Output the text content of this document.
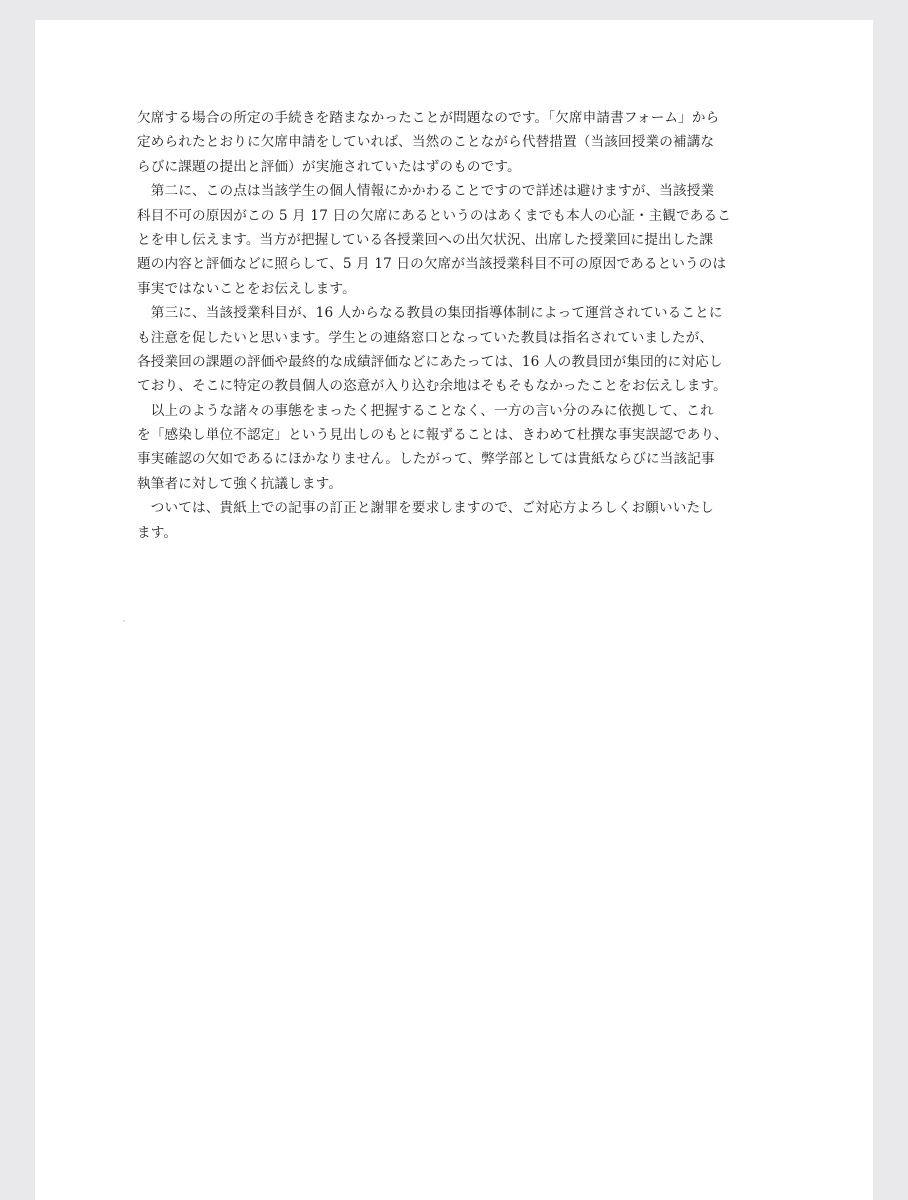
欠席する場合の所定の手続きを踏まなかったことが問題なのです。「欠席申請書フォーム」から
定められたとおりに欠席申請をしていれば、当然のことながら代替措置（当該回授業の補講な
らびに課題の提出と評価）が実施されていたはずのものです。
　第二に、この点は当該学生の個人情報にかかわることですので詳述は避けますが、当該授業
科目不可の原因がこの 5 月 17 日の欠席にあるというのはあくまでも本人の心証・主観であるこ
とを申し伝えます。当方が把握している各授業回への出欠状況、出席した授業回に提出した課
題の内容と評価などに照らして、5 月 17 日の欠席が当該授業科目不可の原因であるというのは
事実ではないことをお伝えします。
　第三に、当該授業科目が、16 人からなる教員の集団指導体制によって運営されていることに
も注意を促したいと思います。学生との連絡窓口となっていた教員は指名されていましたが、
各授業回の課題の評価や最終的な成績評価などにあたっては、16 人の教員団が集団的に対応し
ており、そこに特定の教員個人の恣意が入り込む余地はそもそもなかったことをお伝えします。
　以上のような諸々の事態をまったく把握することなく、一方の言い分のみに依拠して、これ
を「感染し単位不認定」という見出しのもとに報ずることは、きわめて杜撰な事実誤認であり、
事実確認の欠如であるにほかなりません。したがって、弊学部としては貴紙ならびに当該記事
執筆者に対して強く抗議します。
　ついては、貴紙上での記事の訂正と謝罪を要求しますので、ご対応方よろしくお願いいたし
ます。
